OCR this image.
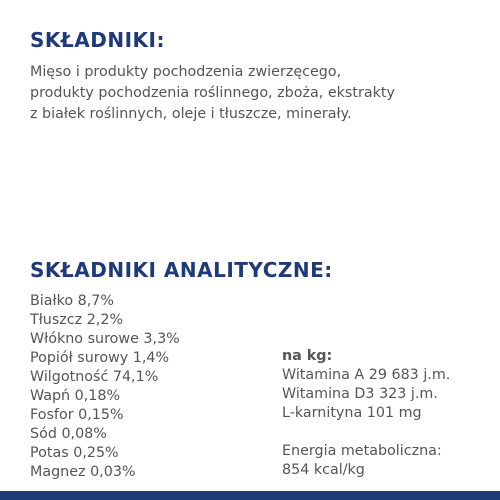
SKŁADNIKI:

Mięso i produkty pochodzenia zwierzęcego,
produkty pochodzenia roślinnego, zboża, ekstrakty
z białek roślinnych, oleje i tłuszcze, minerały.

SKŁADNIKI ANALITYCZNE:
Białko 8,7%
Tłuszcz 2,2%
Włókno surowe 3,3%
Popiół surowy 1,4%
Wilgotność 74,1%
Wapń 0,18%
Fosfor 0,15%
Sód 0,08%
Potas 0,25%
Magnez 0,03%
na kg:
Witamina A 29 683 j.m.
Witamina D3 323 j.m.
L-karnityna 101 mg
Energia metaboliczna:
854 kcal/kg
